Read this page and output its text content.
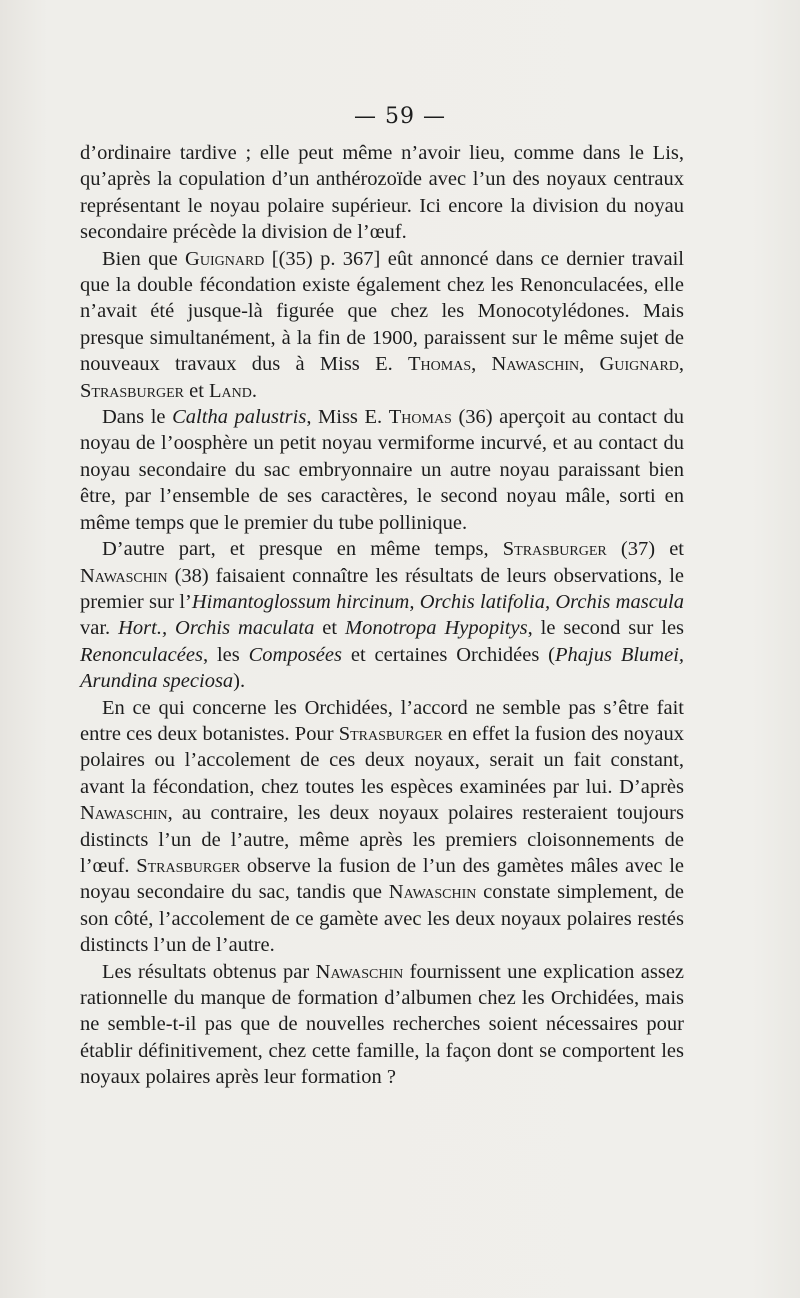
— 59 —

d’ordinaire tardive ; elle peut même n’avoir lieu, comme dans le Lis, qu’après la copulation d’un anthérozoïde avec l’un des noyaux centraux représentant le noyau polaire supérieur. Ici encore la division du noyau secondaire précède la division de l’œuf.

Bien que Guignard [(35) p. 367] eût annoncé dans ce dernier travail que la double fécondation existe également chez les Renonculacées, elle n’avait été jusque-là figurée que chez les Monocotylédones. Mais presque simultanément, à la fin de 1900, paraissent sur le même sujet de nouveaux travaux dus à Miss E. Thomas, Nawaschin, Guignard, Strasburger et Land.

Dans le Caltha palustris, Miss E. Thomas (36) aperçoit au contact du noyau de l’oosphère un petit noyau vermiforme incurvé, et au contact du noyau secondaire du sac embryonnaire un autre noyau paraissant bien être, par l’ensemble de ses caractères, le second noyau mâle, sorti en même temps que le premier du tube pollinique.

D’autre part, et presque en même temps, Strasburger (37) et Nawaschin (38) faisaient connaître les résultats de leurs observations, le premier sur l’Himantoglossum hircinum, Orchis latifolia, Orchis mascula var. Hort., Orchis maculata et Monotropa Hypopitys, le second sur les Renonculacées, les Composées et certaines Orchidées (Phajus Blumei, Arundina speciosa).

En ce qui concerne les Orchidées, l’accord ne semble pas s’être fait entre ces deux botanistes. Pour Strasburger en effet la fusion des noyaux polaires ou l’accolement de ces deux noyaux, serait un fait constant, avant la fécondation, chez toutes les espèces examinées par lui. D’après Nawaschin, au contraire, les deux noyaux polaires resteraient toujours distincts l’un de l’autre, même après les premiers cloisonnements de l’œuf. Strasburger observe la fusion de l’un des gamètes mâles avec le noyau secondaire du sac, tandis que Nawaschin constate simplement, de son côté, l’accolement de ce gamète avec les deux noyaux polaires restés distincts l’un de l’autre.

Les résultats obtenus par Nawaschin fournissent une explication assez rationnelle du manque de formation d’albumen chez les Orchidées, mais ne semble-t-il pas que de nouvelles recherches soient nécessaires pour établir définitivement, chez cette famille, la façon dont se comportent les noyaux polaires après leur formation ?
